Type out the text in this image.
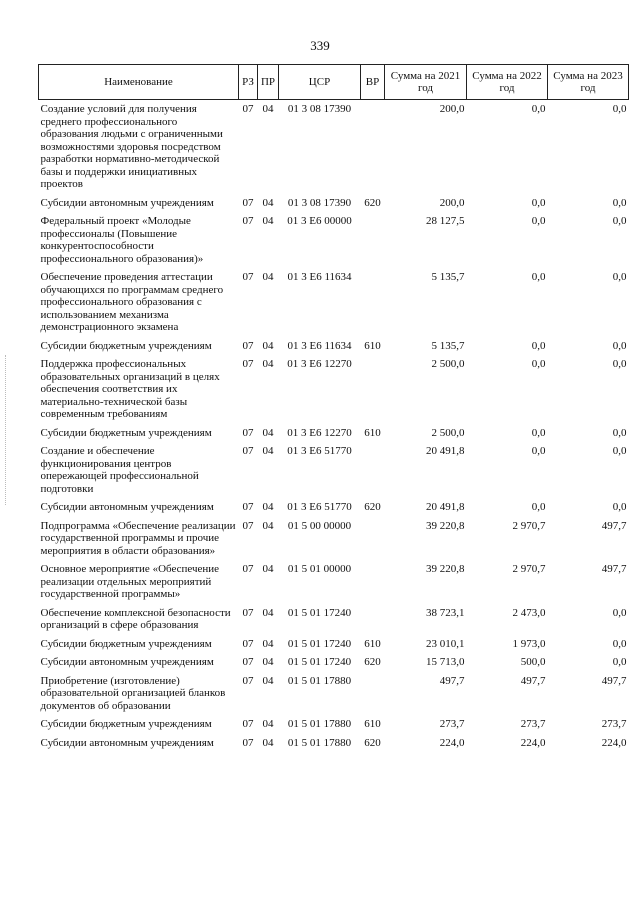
339
Наименование	РЗ	ПР	ЦСР	ВР	Сумма на 2021 год	Сумма на 2022 год	Сумма на 2023 год
Создание условий для получения среднего профессионального образования людьми с ограниченными возможностями здоровья посредством разработки нормативно-методической базы и поддержки инициативных проектов	07	04	01 3 08 17390		200,0	0,0	0,0
Субсидии автономным учреждениям	07	04	01 3 08 17390	620	200,0	0,0	0,0
Федеральный проект «Молодые профессионалы (Повышение конкурентоспособности профессионального образования)»	07	04	01 3 E6 00000		28 127,5	0,0	0,0
Обеспечение проведения аттестации обучающихся по программам среднего профессионального образования с использованием механизма демонстрационного экзамена	07	04	01 3 E6 11634		5 135,7	0,0	0,0
Субсидии бюджетным учреждениям	07	04	01 3 E6 11634	610	5 135,7	0,0	0,0
Поддержка профессиональных образовательных организаций в целях обеспечения соответствия их материально-технической базы современным требованиям	07	04	01 3 E6 12270		2 500,0	0,0	0,0
Субсидии бюджетным учреждениям	07	04	01 3 E6 12270	610	2 500,0	0,0	0,0
Создание и обеспечение функционирования центров опережающей профессиональной подготовки	07	04	01 3 E6 51770		20 491,8	0,0	0,0
Субсидии автономным учреждениям	07	04	01 3 E6 51770	620	20 491,8	0,0	0,0
Подпрограмма «Обеспечение реализации государственной программы и прочие мероприятия в области образования»	07	04	01 5 00 00000		39 220,8	2 970,7	497,7
Основное мероприятие «Обеспечение реализации отдельных мероприятий государственной программы»	07	04	01 5 01 00000		39 220,8	2 970,7	497,7
Обеспечение комплексной безопасности организаций в сфере образования	07	04	01 5 01 17240		38 723,1	2 473,0	0,0
Субсидии бюджетным учреждениям	07	04	01 5 01 17240	610	23 010,1	1 973,0	0,0
Субсидии автономным учреждениям	07	04	01 5 01 17240	620	15 713,0	500,0	0,0
Приобретение (изготовление) образовательной организацией бланков документов об образовании	07	04	01 5 01 17880		497,7	497,7	497,7
Субсидии бюджетным учреждениям	07	04	01 5 01 17880	610	273,7	273,7	273,7
Субсидии автономным учреждениям	07	04	01 5 01 17880	620	224,0	224,0	224,0
